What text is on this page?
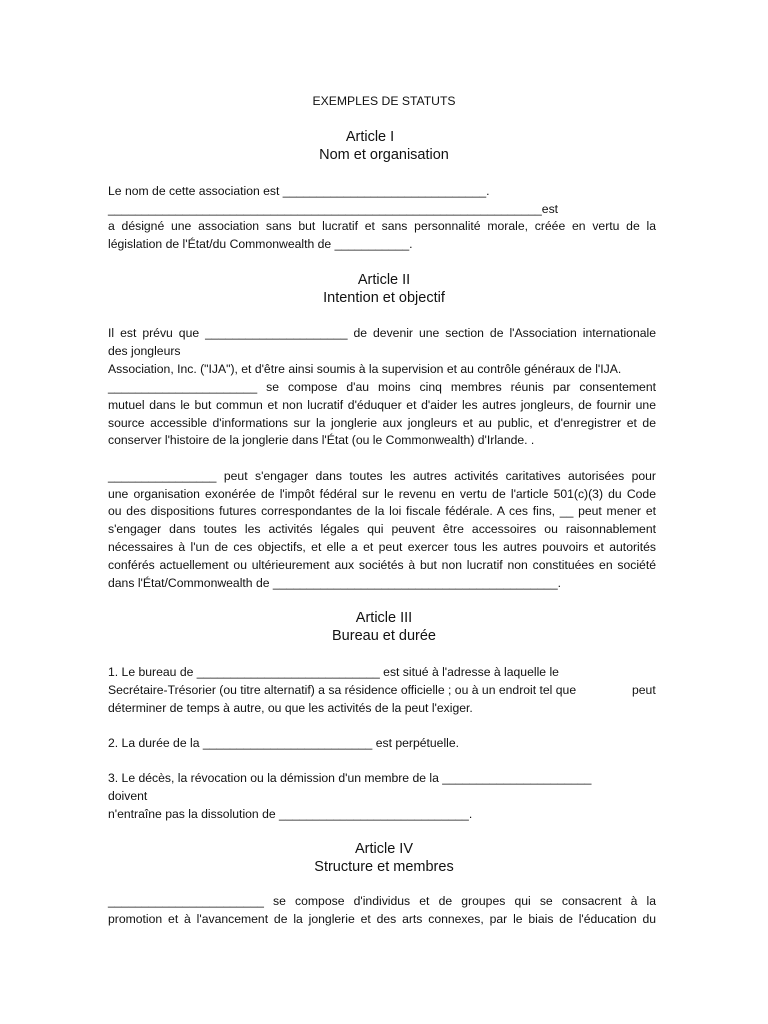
EXEMPLES DE STATUTS

Article I

Nom et organisation

Le nom de cette association est ______________________________.

________________________________________________________________est

a désigné une association sans but lucratif et sans personnalité morale, créée en vertu de la

législation de l'État/du Commonwealth de ___________.

Article II

Intention et objectif

Il est prévu que _____________________ de devenir une section de l'Association internationale

des jongleurs

Association, Inc. ("IJA"), et d'être ainsi soumis à la supervision et au contrôle généraux de l'IJA.

______________________ se compose d'au moins cinq membres réunis par consentement

mutuel dans le but commun et non lucratif d'éduquer et d'aider les autres jongleurs, de fournir une

source accessible d'informations sur la jonglerie aux jongleurs et au public, et d'enregistrer et de

conserver l'histoire de la jonglerie dans l'État (ou le Commonwealth) d'Irlande. .

________________ peut s'engager dans toutes les autres activités caritatives autorisées pour

une organisation exonérée de l'impôt fédéral sur le revenu en vertu de l'article 501(c)(3) du Code

ou des dispositions futures correspondantes de la loi fiscale fédérale. A ces fins, __ peut mener et

s'engager dans toutes les activités légales qui peuvent être accessoires ou raisonnablement

nécessaires à l'un de ces objectifs, et elle a et peut exercer tous les autres pouvoirs et autorités

conférés actuellement ou ultérieurement aux sociétés à but non lucratif non constituées en société

dans l'État/Commonwealth de __________________________________________.

Article III

Bureau et durée

1. Le bureau de ___________________________ est situé à l'adresse à laquelle le

Secrétaire-Trésorier (ou titre alternatif) a sa résidence officielle ; ou à un endroit tel que	peut

déterminer de temps à autre, ou que les activités de la peut l'exiger.

2. La durée de la _________________________ est perpétuelle.

3. Le décès, la révocation ou la démission d'un membre de la ______________________

doivent

n'entraîne pas la dissolution de ____________________________.

Article IV

Structure et membres

_______________________ se compose d'individus et de groupes qui se consacrent à la

promotion et à l'avancement de la jonglerie et des arts connexes, par le biais de l'éducation du
